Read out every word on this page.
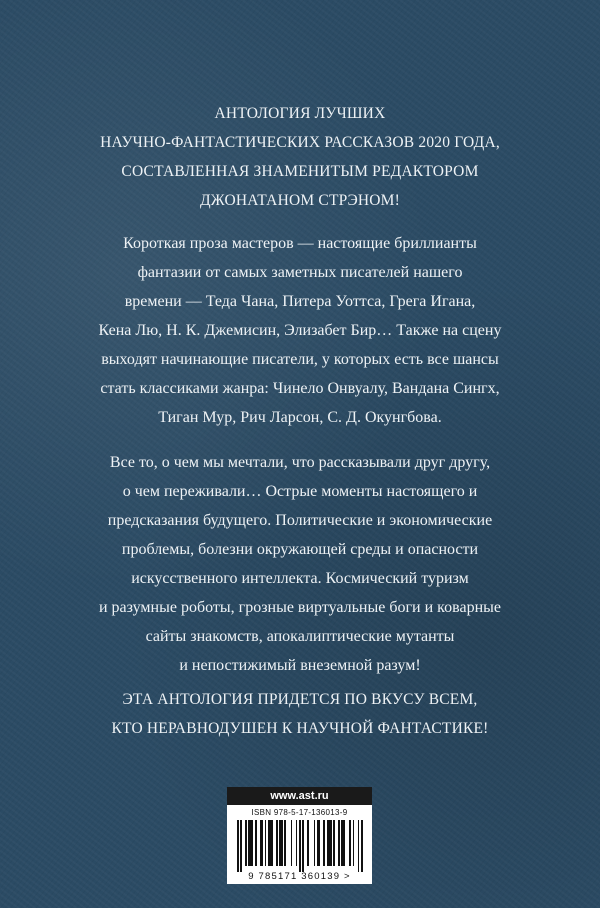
АНТОЛОГИЯ ЛУЧШИХ

НАУЧНО-ФАНТАСТИЧЕСКИХ РАССКАЗОВ 2020 ГОДА,

СОСТАВЛЕННАЯ ЗНАМЕНИТЫМ РЕДАКТОРОМ

ДЖОНАТАНОМ СТРЭНОМ!

Короткая проза мастеров — настоящие бриллианты

фантазии от самых заметных писателей нашего

времени — Теда Чана, Питера Уоттса, Грега Игана,

Кена Лю, Н. К. Джемисин, Элизабет Бир… Также на сцену

выходят начинающие писатели, у которых есть все шансы

стать классиками жанра: Чинело Онвуалу, Вандана Сингх,

Тиган Мур, Рич Ларсон, С. Д. Окунгбова.

Все то, о чем мы мечтали, что рассказывали друг другу,

о чем переживали… Острые моменты настоящего и

предсказания будущего. Политические и экономические

проблемы, болезни окружающей среды и опасности

искусственного интеллекта. Космический туризм

и разумные роботы, грозные виртуальные боги и коварные

сайты знакомств, апокалиптические мутанты

и непостижимый внеземной разум!

ЭТА АНТОЛОГИЯ ПРИДЕТСЯ ПО ВКУСУ ВСЕМ,

КТО НЕРАВНОДУШЕН К НАУЧНОЙ ФАНТАСТИКЕ!

www.ast.ru
ISBN 978-5-17-136013-9
9 785171 360139 >
